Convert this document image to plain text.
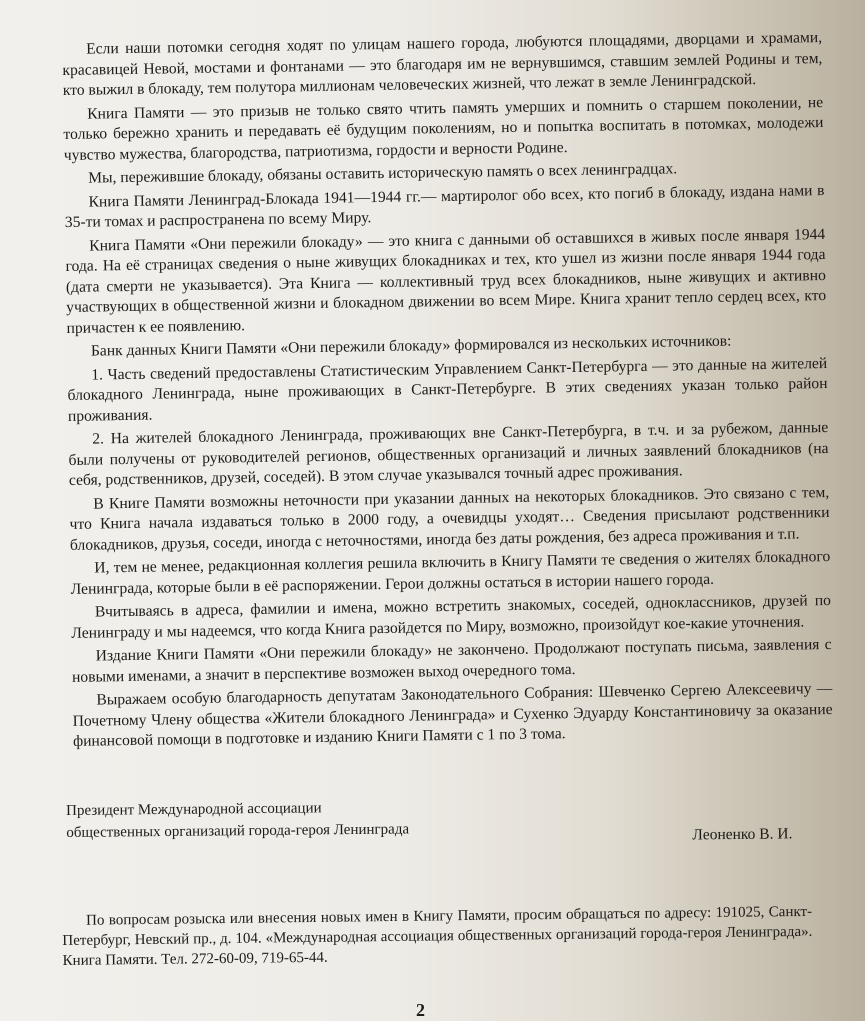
Если наши потомки сегодня ходят по улицам нашего города, любуются площадями, дворцами и храмами, красавицей Невой, мостами и фонтанами — это благодаря им не вернувшимся, ставшим землей Родины и тем, кто выжил в блокаду, тем полутора миллионам человеческих жизней, что лежат в земле Ленинградской.

Книга Памяти — это призыв не только свято чтить память умерших и помнить о старшем поколении, не только бережно хранить и передавать её будущим поколениям, но и попытка воспитать в потомках, молодежи чувство мужества, благородства, патриотизма, гордости и верности Родине.

Мы, пережившие блокаду, обязаны оставить историческую память о всех ленинградцах.

Книга Памяти Ленинград-Блокада 1941—1944 гг.— мартиролог обо всех, кто погиб в блокаду, издана нами в 35-ти томах и распространена по всему Миру.

Книга Памяти «Они пережили блокаду» — это книга с данными об оставшихся в живых после января 1944 года. На её страницах сведения о ныне живущих блокадниках и тех, кто ушел из жизни после января 1944 года (дата смерти не указывается). Эта Книга — коллективный труд всех блокадников, ныне живущих и активно участвующих в общественной жизни и блокадном движении во всем Мире. Книга хранит тепло сердец всех, кто причастен к ее появлению.

Банк данных Книги Памяти «Они пережили блокаду» формировался из нескольких источников:

1. Часть сведений предоставлены Статистическим Управлением Санкт-Петербурга — это данные на жителей блокадного Ленинграда, ныне проживающих в Санкт-Петербурге. В этих сведениях указан только район проживания.

2. На жителей блокадного Ленинграда, проживающих вне Санкт-Петербурга, в т.ч. и за рубежом, данные были получены от руководителей регионов, общественных организаций и личных заявлений блокадников (на себя, родственников, друзей, соседей). В этом случае указывался точный адрес проживания.

В Книге Памяти возможны неточности при указании данных на некоторых блокадников. Это связано с тем, что Книга начала издаваться только в 2000 году, а очевидцы уходят… Сведения присылают родственники блокадников, друзья, соседи, иногда с неточностями, иногда без даты рождения, без адреса проживания и т.п.

И, тем не менее, редакционная коллегия решила включить в Книгу Памяти те сведения о жителях блокадного Ленинграда, которые были в её распоряжении. Герои должны остаться в истории нашего города.

Вчитываясь в адреса, фамилии и имена, можно встретить знакомых, соседей, одноклассников, друзей по Ленинграду и мы надеемся, что когда Книга разойдется по Миру, возможно, произойдут кое-какие уточнения.

Издание Книги Памяти «Они пережили блокаду» не закончено. Продолжают поступать письма, заявления с новыми именами, а значит в перспективе возможен выход очередного тома.

Выражаем особую благодарность депутатам Законодательного Собрания: Шевченко Сергею Алексеевичу — Почетному Члену общества «Жители блокадного Ленинграда» и Сухенко Эдуарду Константиновичу за оказание финансовой помощи в подготовке и изданию Книги Памяти с 1 по 3 тома.

Президент Международной ассоциации
общественных организаций города-героя Ленинграда	Леоненко В. И.

По вопросам розыска или внесения новых имен в Книгу Памяти, просим обращаться по адресу: 191025, Санкт-Петербург, Невский пр., д. 104. «Международная ассоциация общественных организаций города-героя Ленинграда». Книга Памяти. Тел. 272-60-09, 719-65-44.

2
